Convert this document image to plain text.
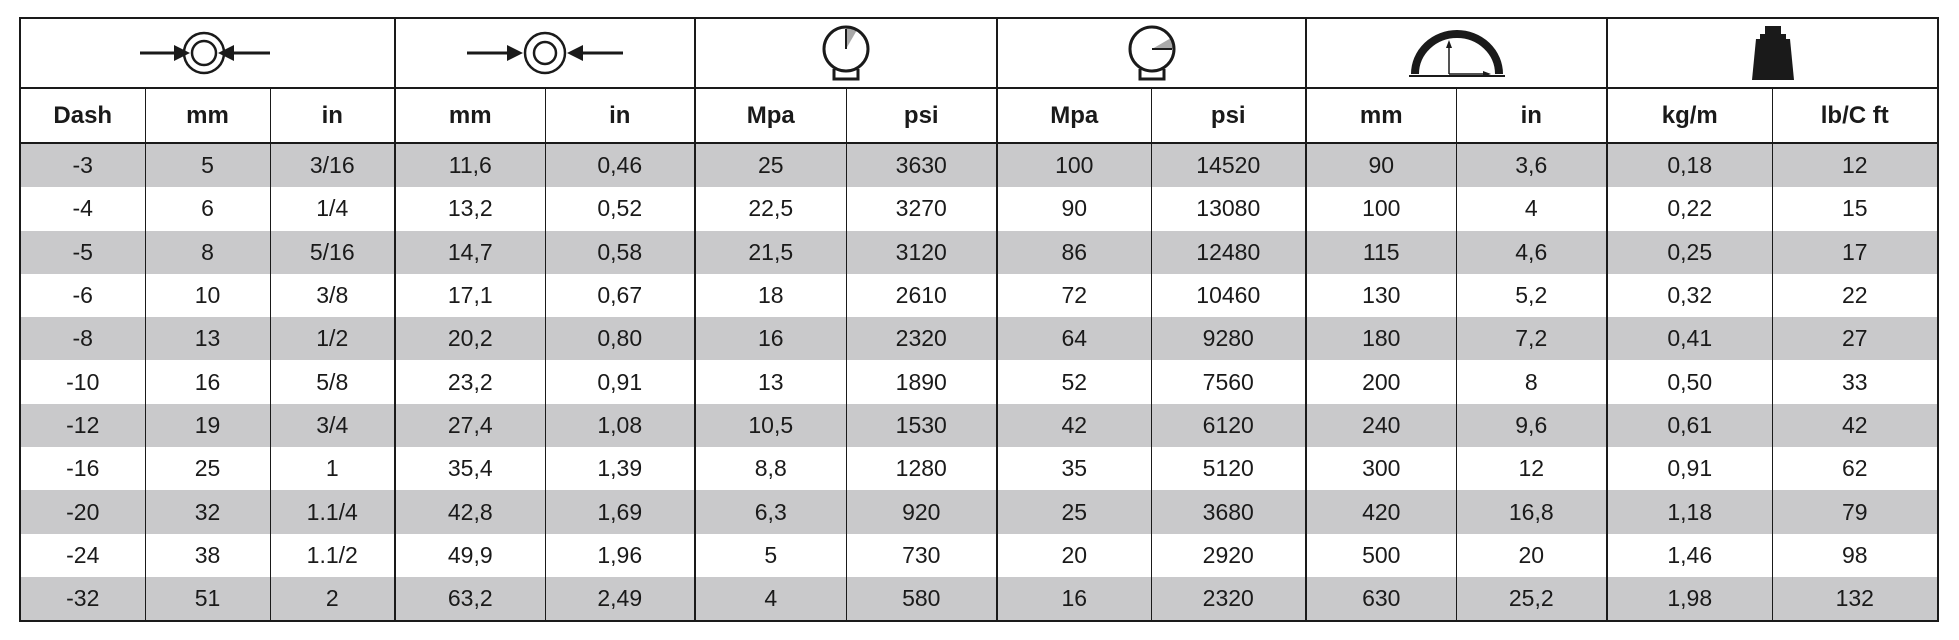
Dash	mm	in	mm	in	Mpa	psi	Mpa	psi	mm	in	kg/m	lb/C ft
-3	5	3/16	11,6	0,46	25	3630	100	14520	90	3,6	0,18	12
-4	6	1/4	13,2	0,52	22,5	3270	90	13080	100	4	0,22	15
-5	8	5/16	14,7	0,58	21,5	3120	86	12480	115	4,6	0,25	17
-6	10	3/8	17,1	0,67	18	2610	72	10460	130	5,2	0,32	22
-8	13	1/2	20,2	0,80	16	2320	64	9280	180	7,2	0,41	27
-10	16	5/8	23,2	0,91	13	1890	52	7560	200	8	0,50	33
-12	19	3/4	27,4	1,08	10,5	1530	42	6120	240	9,6	0,61	42
-16	25	1	35,4	1,39	8,8	1280	35	5120	300	12	0,91	62
-20	32	1.1/4	42,8	1,69	6,3	920	25	3680	420	16,8	1,18	79
-24	38	1.1/2	49,9	1,96	5	730	20	2920	500	20	1,46	98
-32	51	2	63,2	2,49	4	580	16	2320	630	25,2	1,98	132
